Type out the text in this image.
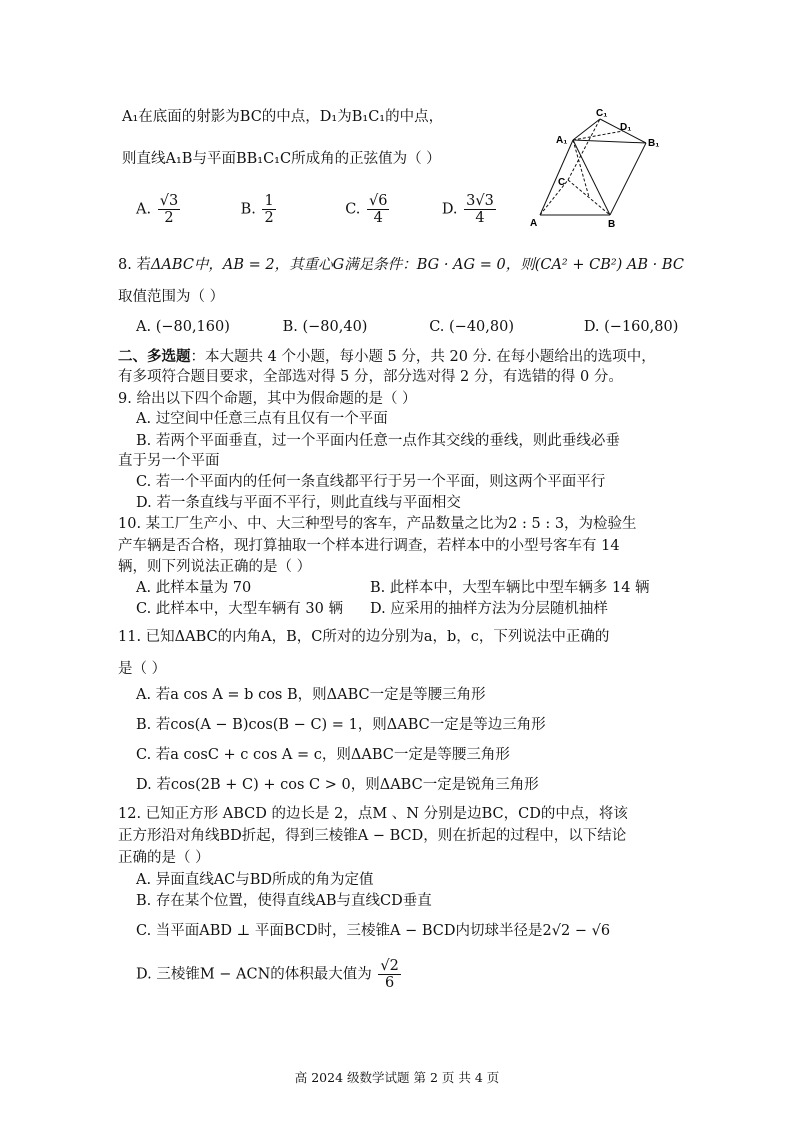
A₁在底面的射影为BC的中点，D₁为B₁C₁的中点，
则直线A₁B与平面BB₁C₁C所成角的正弦值为（ ）
A. $\frac{√3}{2}$	B. $\frac{1}{2}$	C. $\frac{√6}{4}$	D. $\frac{3√3}{4}$
C₁
D₁
A₁	B₁
C
A	B
8. 若ΔABC中，AB = 2，其重心G满足条件：BG · AG = 0，则(CA² + CB²) AB · BC
取值范围为（ ）
A. (−80,160)	B. (−80,40)	C. (−40,80)	D. (−160,80)
二、多选题：本大题共 4 个小题，每小题 5 分，共 20 分. 在每小题给出的选项中，
有多项符合题目要求，全部选对得 5 分，部分选对得 2 分，有选错的得 0 分。
9. 给出以下四个命题，其中为假命题的是（ ）
A. 过空间中任意三点有且仅有一个平面
B. 若两个平面垂直，过一个平面内任意一点作其交线的垂线，则此垂线必垂
直于另一个平面
C. 若一个平面内的任何一条直线都平行于另一个平面，则这两个平面平行
D. 若一条直线与平面不平行，则此直线与平面相交
10. 某工厂生产小、中、大三种型号的客车，产品数量之比为2 : 5 : 3，为检验生
产车辆是否合格，现打算抽取一个样本进行调查，若样本中的小型号客车有 14
辆，则下列说法正确的是（ ）
A. 此样本量为 70	B. 此样本中，大型车辆比中型车辆多 14 辆
C. 此样本中，大型车辆有 30 辆 D. 应采用的抽样方法为分层随机抽样
11. 已知ΔABC的内角A，B，C所对的边分别为a，b，c，下列说法中正确的
是（ ）
A. 若a cos A = b cos B，则ΔABC一定是等腰三角形
B. 若cos(A − B)cos(B − C) = 1，则ΔABC一定是等边三角形
C. 若a cosC + c cos A = c，则ΔABC一定是等腰三角形
D. 若cos(2B + C) + cos C > 0，则ΔABC一定是锐角三角形
12. 已知正方形 ABCD 的边长是 2，点M 、N 分别是边BC，CD的中点，将该
正方形沿对角线BD折起，得到三棱锥A − BCD，则在折起的过程中，以下结论
正确的是（ ）
A. 异面直线AC与BD所成的角为定值
B. 存在某个位置，使得直线AB与直线CD垂直
C. 当平面ABD ⊥ 平面BCD时，三棱锥A − BCD内切球半径是2√2 − √6
D. 三棱锥M − ACN的体积最大值为 $\frac{√2}{6}$
高 2024 级数学试题 第 2 页 共 4 页
